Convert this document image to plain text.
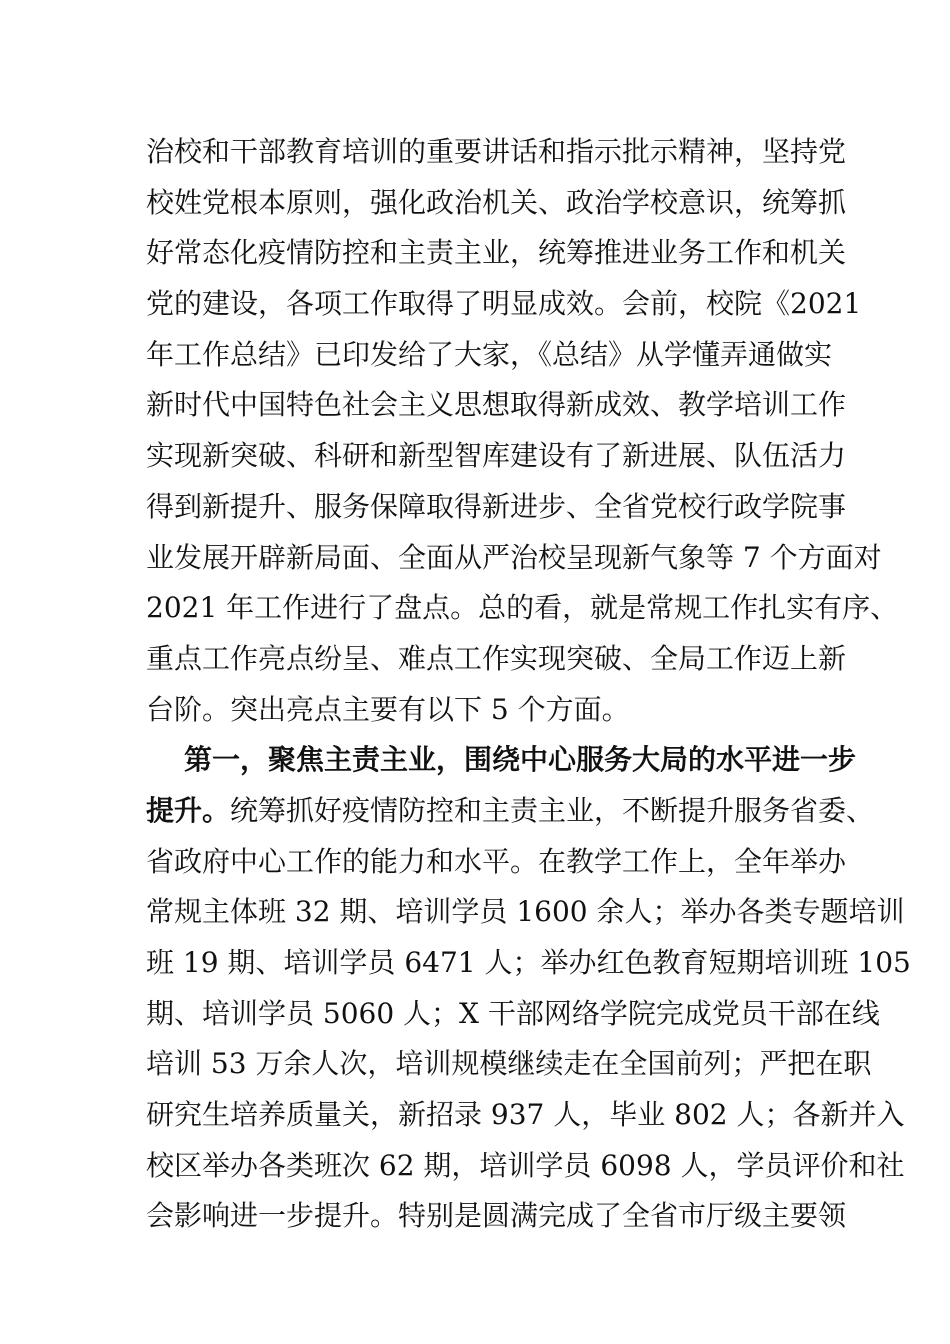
治校和干部教育培训的重要讲话和指示批示精神，坚持党
校姓党根本原则，强化政治机关、政治学校意识，统筹抓
好常态化疫情防控和主责主业，统筹推进业务工作和机关
党的建设，各项工作取得了明显成效。会前，校院《2021
年工作总结》已印发给了大家，《总结》从学懂弄通做实
新时代中国特色社会主义思想取得新成效、教学培训工作
实现新突破、科研和新型智库建设有了新进展、队伍活力
得到新提升、服务保障取得新进步、全省党校行政学院事
业发展开辟新局面、全面从严治校呈现新气象等 7 个方面对
2021 年工作进行了盘点。总的看，就是常规工作扎实有序、
重点工作亮点纷呈、难点工作实现突破、全局工作迈上新
台阶。突出亮点主要有以下 5 个方面。
第一，聚焦主责主业，围绕中心服务大局的水平进一步
提升。统筹抓好疫情防控和主责主业，不断提升服务省委、
省政府中心工作的能力和水平。在教学工作上，全年举办
常规主体班 32 期、培训学员 1600 余人；举办各类专题培训
班 19 期、培训学员 6471 人；举办红色教育短期培训班 105
期、培训学员 5060 人；X 干部网络学院完成党员干部在线
培训 53 万余人次，培训规模继续走在全国前列；严把在职
研究生培养质量关，新招录 937 人，毕业 802 人；各新并入
校区举办各类班次 62 期，培训学员 6098 人，学员评价和社
会影响进一步提升。特别是圆满完成了全省市厅级主要领
